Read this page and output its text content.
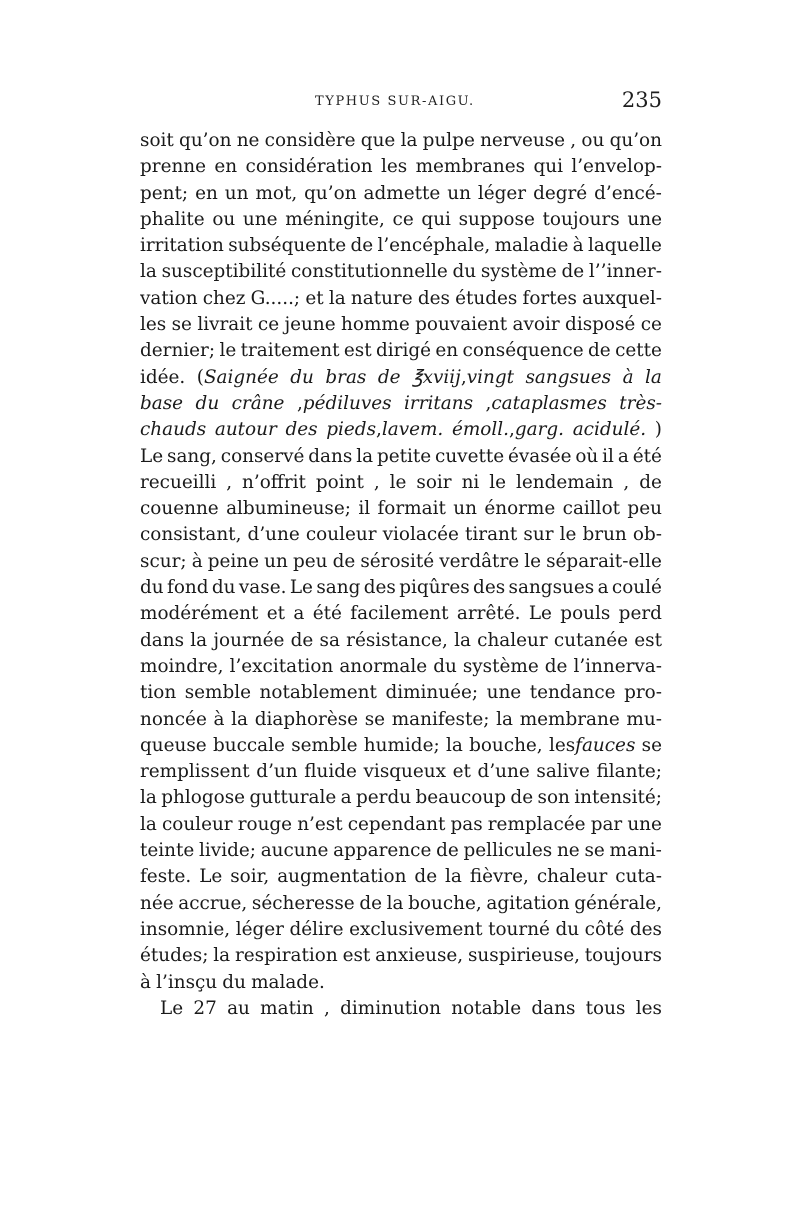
TYPHUS SUR-AIGU.	235
soit qu’on ne considère que la pulpe nerveuse , ou qu’on
prenne en considération les membranes qui l’envelop-
pent; en un mot, qu’on admette un léger degré d’encé-
phalite ou une méningite, ce qui suppose toujours une
irritation subséquente de l’encéphale, maladie à laquelle
la susceptibilité constitutionnelle du système de l’’inner-
vation chez G.....; et la nature des études fortes auxquel-
les se livrait ce jeune homme pouvaient avoir disposé ce
dernier; le traitement est dirigé en conséquence de cette
idée. (Saignée du bras de ℥xviij,vingt sangsues à la
base du crâne ,pédiluves irritans ,cataplasmes très-
chauds autour des pieds,lavem. émoll.,garg. acidulé. )
Le sang, conservé dans la petite cuvette évasée où il a été
recueilli , n’offrit point , le soir ni le lendemain , de
couenne albumineuse; il formait un énorme caillot peu
consistant, d’une couleur violacée tirant sur le brun ob-
scur; à peine un peu de sérosité verdâtre le séparait-elle
du fond du vase. Le sang des piqûres des sangsues a coulé
modérément et a été facilement arrêté. Le pouls perd
dans la journée de sa résistance, la chaleur cutanée est
moindre, l’excitation anormale du système de l’innerva-
tion semble notablement diminuée; une tendance pro-
noncée à la diaphorèse se manifeste; la membrane mu-
queuse buccale semble humide; la bouche, lesfauces se
remplissent d’un fluide visqueux et d’une salive filante;
la phlogose gutturale a perdu beaucoup de son intensité;
la couleur rouge n’est cependant pas remplacée par une
teinte livide; aucune apparence de pellicules ne se mani-
feste. Le soir, augmentation de la fièvre, chaleur cuta-
née accrue, sécheresse de la bouche, agitation générale,
insomnie, léger délire exclusivement tourné du côté des
études; la respiration est anxieuse, suspirieuse, toujours
à l’insçu du malade.
Le 27 au matin , diminution notable dans tous les
